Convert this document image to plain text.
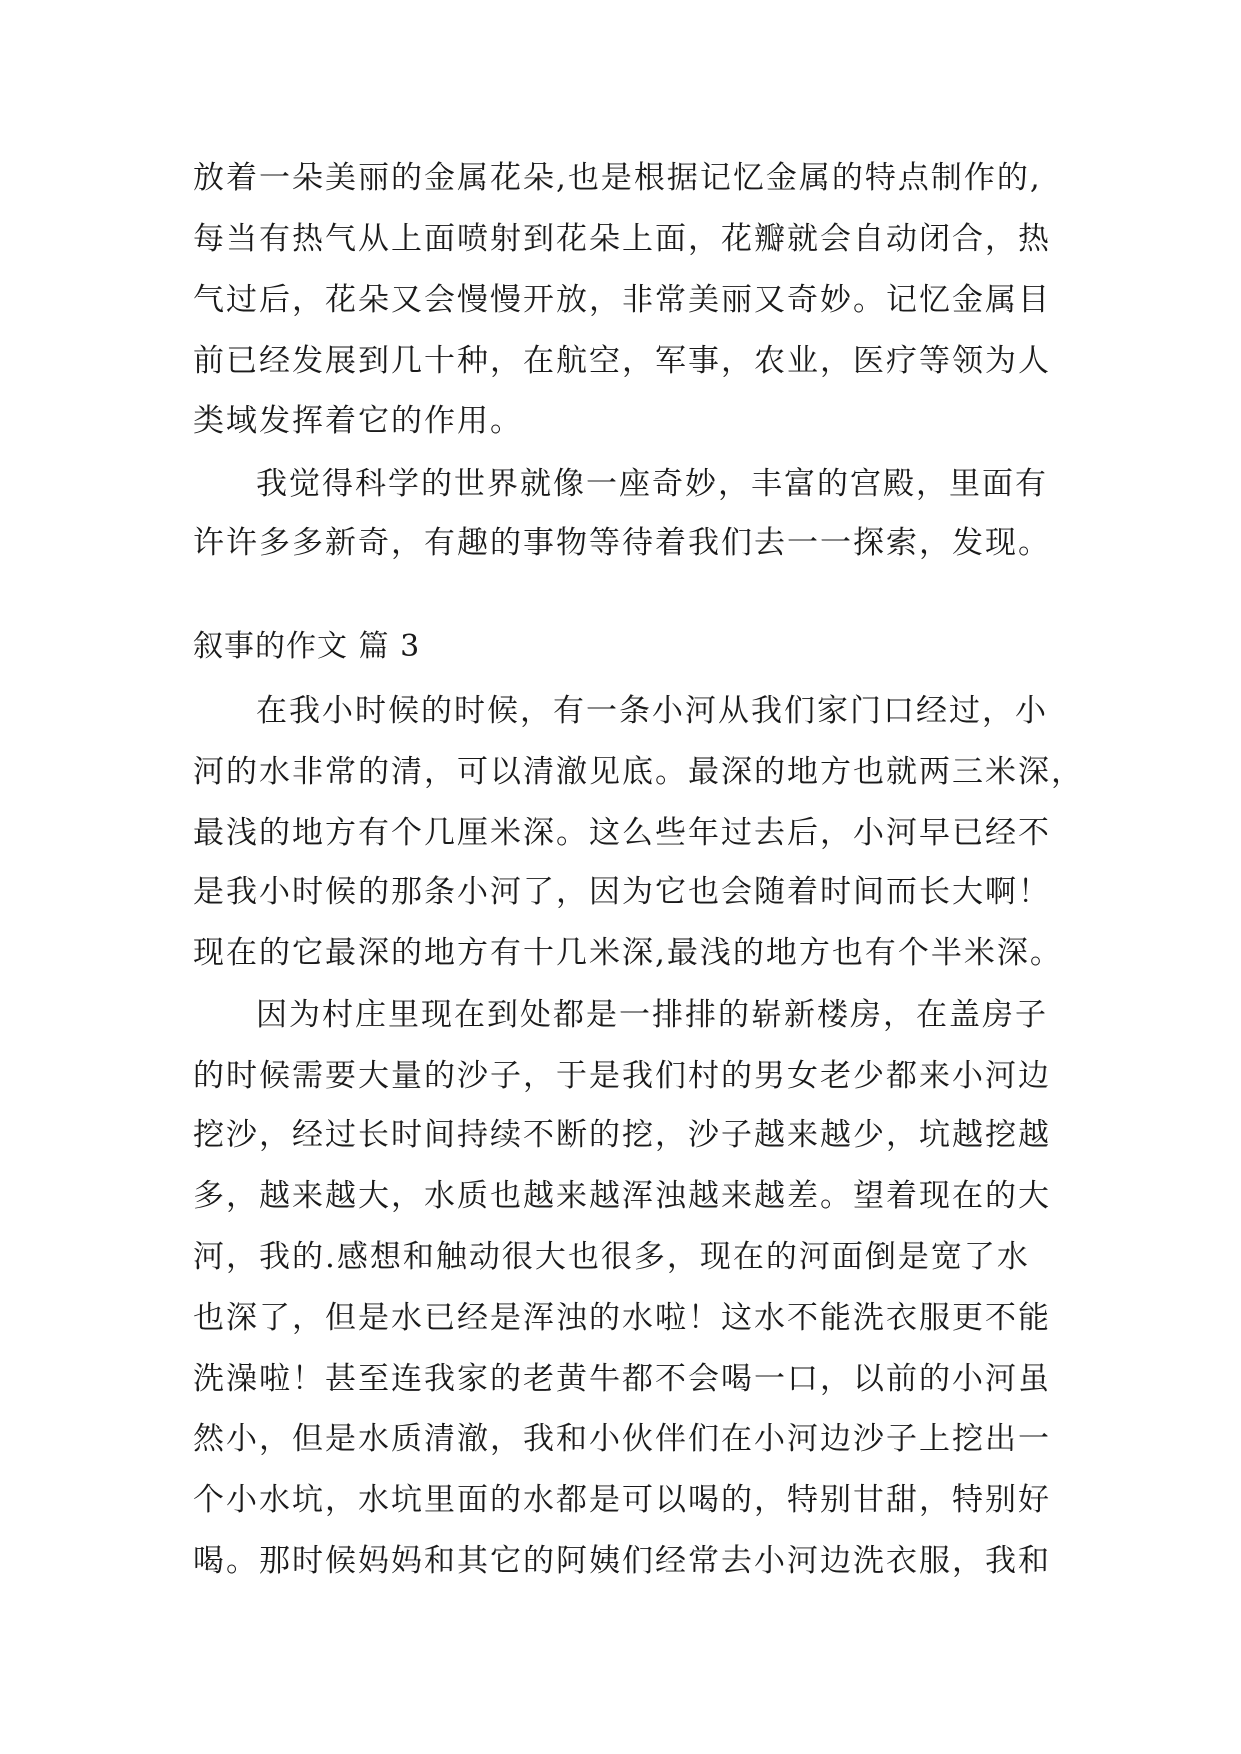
放着一朵美丽的金属花朵,也是根据记忆金属的特点制作的,
每当有热气从上面喷射到花朵上面，花瓣就会自动闭合，热
气过后，花朵又会慢慢开放，非常美丽又奇妙。记忆金属目
前已经发展到几十种，在航空，军事，农业，医疗等领为人
类域发挥着它的作用。
我觉得科学的世界就像一座奇妙，丰富的宫殿，里面有
许许多多新奇，有趣的事物等待着我们去一一探索，发现。
叙事的作文 篇 3
在我小时候的时候，有一条小河从我们家门口经过，小
河的水非常的清，可以清澈见底。最深的地方也就两三米深，
最浅的地方有个几厘米深。这么些年过去后，小河早已经不
是我小时候的那条小河了，因为它也会随着时间而长大啊！
现在的它最深的地方有十几米深,最浅的地方也有个半米深。
因为村庄里现在到处都是一排排的崭新楼房，在盖房子
的时候需要大量的沙子，于是我们村的男女老少都来小河边
挖沙，经过长时间持续不断的挖，沙子越来越少，坑越挖越
多，越来越大，水质也越来越浑浊越来越差。望着现在的大
河，我的.感想和触动很大也很多，现在的河面倒是宽了水
也深了，但是水已经是浑浊的水啦！这水不能洗衣服更不能
洗澡啦！甚至连我家的老黄牛都不会喝一口，以前的小河虽
然小，但是水质清澈，我和小伙伴们在小河边沙子上挖出一
个小水坑，水坑里面的水都是可以喝的，特别甘甜，特别好
喝。那时候妈妈和其它的阿姨们经常去小河边洗衣服，我和
